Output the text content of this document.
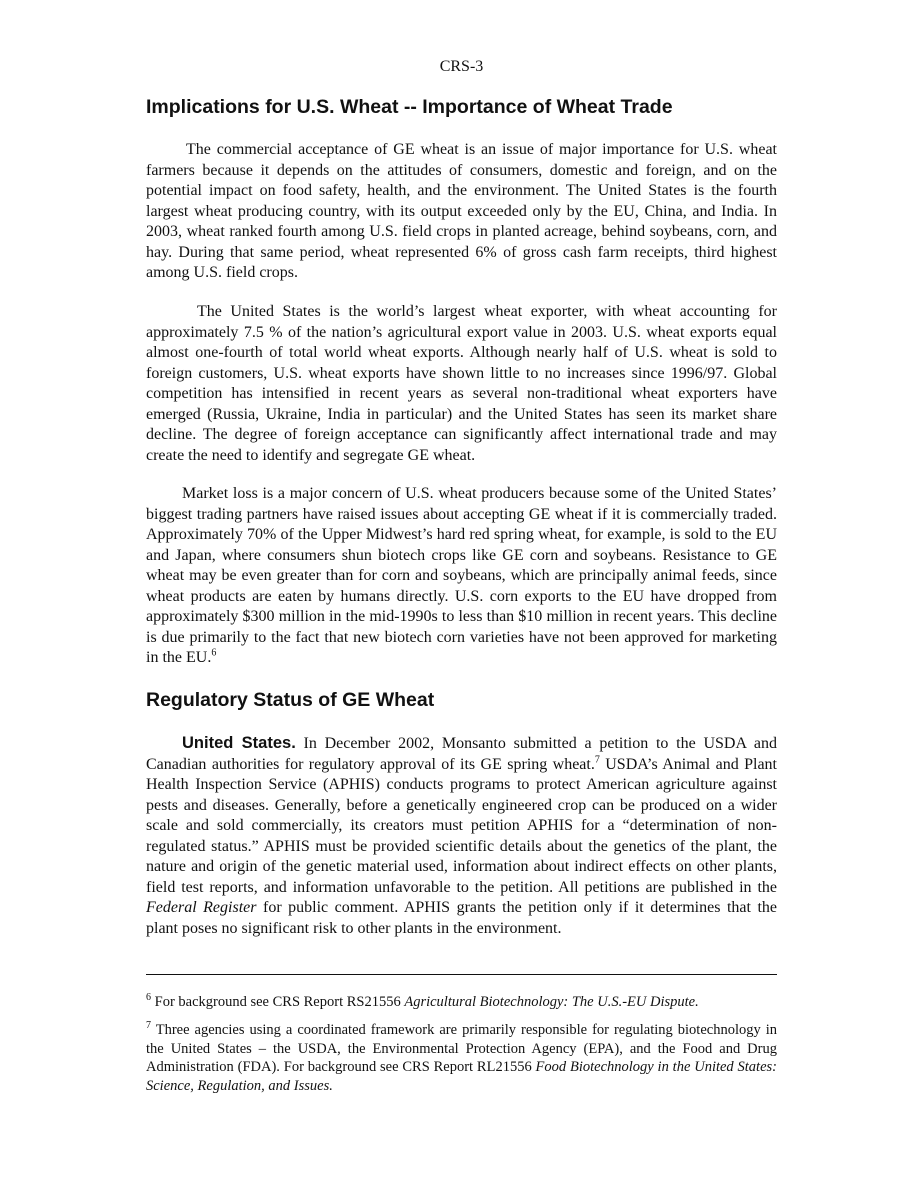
CRS-3
Implications for U.S. Wheat -- Importance of Wheat Trade

The commercial acceptance of GE wheat is an issue of major importance for U.S. wheat farmers because it depends on the attitudes of consumers, domestic and foreign, and on the potential impact on food safety, health, and the environment. The United States is the fourth largest wheat producing country, with its output exceeded only by the EU, China, and India. In 2003, wheat ranked fourth among U.S. field crops in planted acreage, behind soybeans, corn, and hay. During that same period, wheat represented 6% of gross cash farm receipts, third highest among U.S. field crops.

The United States is the world’s largest wheat exporter, with wheat accounting for approximately 7.5 % of the nation’s agricultural export value in 2003. U.S. wheat exports equal almost one-fourth of total world wheat exports. Although nearly half of U.S. wheat is sold to foreign customers, U.S. wheat exports have shown little to no increases since 1996/97. Global competition has intensified in recent years as several non-traditional wheat exporters have emerged (Russia, Ukraine, India in particular) and the United States has seen its market share decline. The degree of foreign acceptance can significantly affect international trade and may create the need to identify and segregate GE wheat.

Market loss is a major concern of U.S. wheat producers because some of the United States’ biggest trading partners have raised issues about accepting GE wheat if it is commercially traded. Approximately 70% of the Upper Midwest’s hard red spring wheat, for example, is sold to the EU and Japan, where consumers shun biotech crops like GE corn and soybeans. Resistance to GE wheat may be even greater than for corn and soybeans, which are principally animal feeds, since wheat products are eaten by humans directly. U.S. corn exports to the EU have dropped from approximately $300 million in the mid-1990s to less than $10 million in recent years. This decline is due primarily to the fact that new biotech corn varieties have not been approved for marketing in the EU.$^6$

Regulatory Status of GE Wheat

United States. In December 2002, Monsanto submitted a petition to the USDA and Canadian authorities for regulatory approval of its GE spring wheat.$^7$ USDA’s Animal and Plant Health Inspection Service (APHIS) conducts programs to protect American agriculture against pests and diseases. Generally, before a genetically engineered crop can be produced on a wider scale and sold commercially, its creators must petition APHIS for a “determination of non-regulated status.” APHIS must be provided scientific details about the genetics of the plant, the nature and origin of the genetic material used, information about indirect effects on other plants, field test reports, and information unfavorable to the petition. All petitions are published in the Federal Register for public comment. APHIS grants the petition only if it determines that the plant poses no significant risk to other plants in the environment.

$^6$ For background see CRS Report RS21556 Agricultural Biotechnology: The U.S.-EU Dispute.

$^7$ Three agencies using a coordinated framework are primarily responsible for regulating biotechnology in the United States – the USDA, the Environmental Protection Agency (EPA), and the Food and Drug Administration (FDA). For background see CRS Report RL21556 Food Biotechnology in the United States: Science, Regulation, and Issues.
